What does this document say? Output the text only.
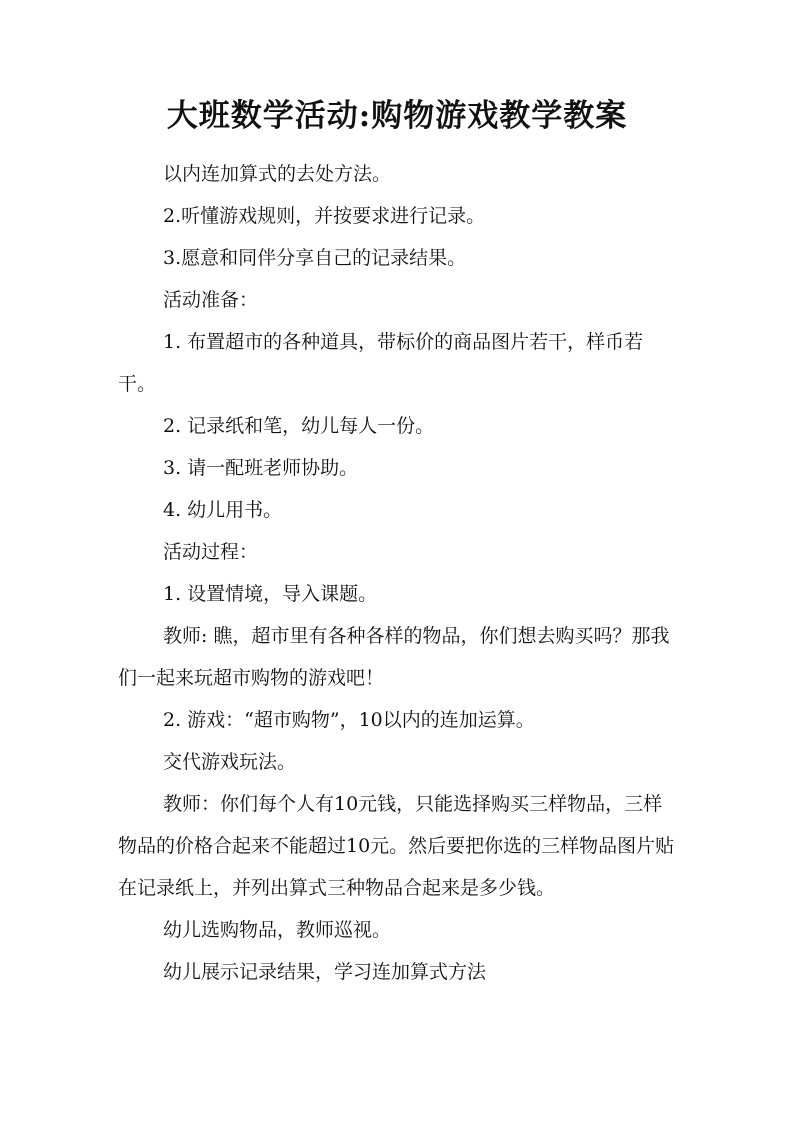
大班数学活动:购物游戏教学教案

以内连加算式的去处方法。

2.听懂游戏规则，并按要求进行记录。

3.愿意和同伴分享自己的记录结果。

活动准备：

1. 布置超市的各种道具，带标价的商品图片若干，样币若干。

2. 记录纸和笔，幼儿每人一份。

3. 请一配班老师协助。

4. 幼儿用书。

活动过程：

1. 设置情境，导入课题。

教师: 瞧，超市里有各种各样的物品，你们想去购买吗？那我们一起来玩超市购物的游戏吧！

2. 游戏：“超市购物”，10以内的连加运算。

交代游戏玩法。

教师：你们每个人有10元钱，只能选择购买三样物品，三样物品的价格合起来不能超过10元。然后要把你选的三样物品图片贴在记录纸上，并列出算式三种物品合起来是多少钱。

幼儿选购物品，教师巡视。

幼儿展示记录结果，学习连加算式方法
